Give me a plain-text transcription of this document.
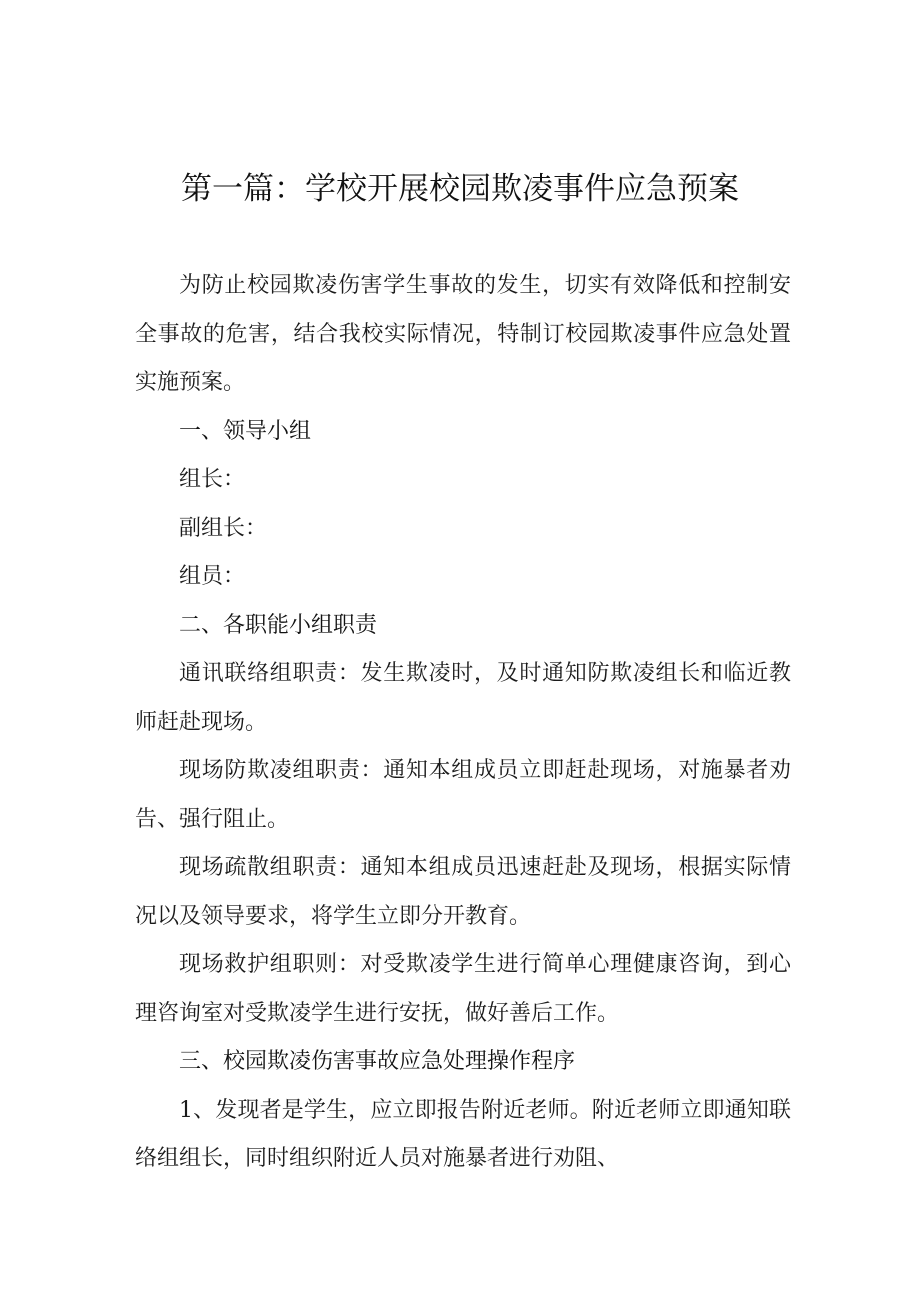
第一篇：学校开展校园欺凌事件应急预案

为防止校园欺凌伤害学生事故的发生，切实有效降低和控制安全事故的危害，结合我校实际情况，特制订校园欺凌事件应急处置实施预案。

一、领导小组

组长：

副组长：

组员：

二、各职能小组职责

通讯联络组职责：发生欺凌时，及时通知防欺凌组长和临近教师赶赴现场。

现场防欺凌组职责：通知本组成员立即赶赴现场，对施暴者劝告、强行阻止。

现场疏散组职责：通知本组成员迅速赶赴及现场，根据实际情况以及领导要求，将学生立即分开教育。

现场救护组职则：对受欺凌学生进行简单心理健康咨询，到心理咨询室对受欺凌学生进行安抚，做好善后工作。

三、校园欺凌伤害事故应急处理操作程序

1、发现者是学生，应立即报告附近老师。附近老师立即通知联络组组长，同时组织附近人员对施暴者进行劝阻、
